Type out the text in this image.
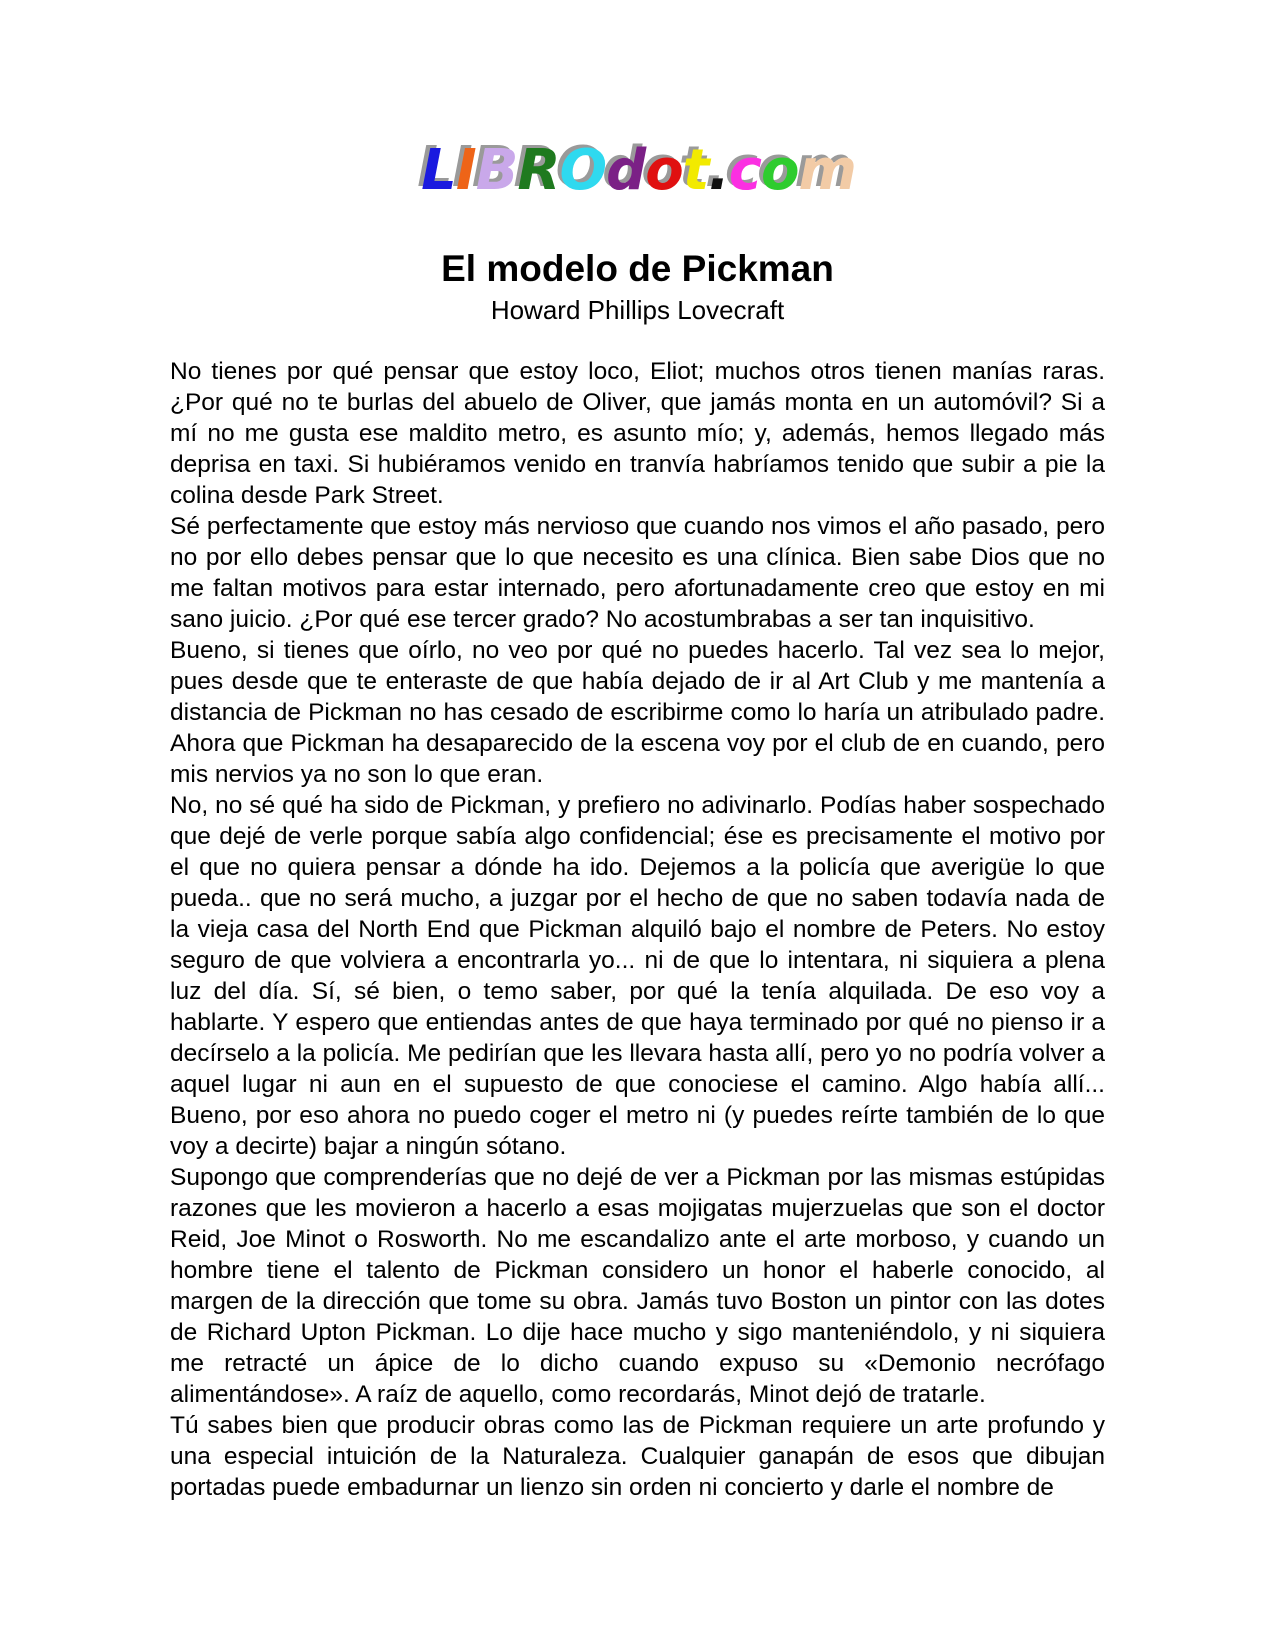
LIBROdot.com
El modelo de Pickman
Howard Phillips Lovecraft

No tienes por qué pensar que estoy loco, Eliot; muchos otros tienen manías raras. ¿Por qué no te burlas del abuelo de Oliver, que jamás monta en un automóvil? Si a mí no me gusta ese maldito metro, es asunto mío; y, además, hemos llegado más deprisa en taxi. Si hubiéramos venido en tranvía habríamos tenido que subir a pie la colina desde Park Street.

Sé perfectamente que estoy más nervioso que cuando nos vimos el año pasado, pero no por ello debes pensar que lo que necesito es una clínica. Bien sabe Dios que no me faltan motivos para estar internado, pero afortunadamente creo que estoy en mi sano juicio. ¿Por qué ese tercer grado? No acostumbrabas a ser tan inquisitivo.

Bueno, si tienes que oírlo, no veo por qué no puedes hacerlo. Tal vez sea lo mejor, pues desde que te enteraste de que había dejado de ir al Art Club y me mantenía a distancia de Pickman no has cesado de escribirme como lo haría un atribulado padre. Ahora que Pickman ha desaparecido de la escena voy por el club de en cuando, pero mis nervios ya no son lo que eran.

No, no sé qué ha sido de Pickman, y prefiero no adivinarlo. Podías haber sospechado que dejé de verle porque sabía algo confidencial; ése es precisamente el motivo por el que no quiera pensar a dónde ha ido. Dejemos a la policía que averigüe lo que pueda.. que no será mucho, a juzgar por el hecho de que no saben todavía nada de la vieja casa del North End que Pickman alquiló bajo el nombre de Peters. No estoy seguro de que volviera a encontrarla yo... ni de que lo intentara, ni siquiera a plena luz del día. Sí, sé bien, o temo saber, por qué la tenía alquilada. De eso voy a hablarte. Y espero que entiendas antes de que haya terminado por qué no pienso ir a decírselo a la policía. Me pedirían que les llevara hasta allí, pero yo no podría volver a aquel lugar ni aun en el supuesto de que conociese el camino. Algo había allí... Bueno, por eso ahora no puedo coger el metro ni (y puedes reírte también de lo que voy a decirte) bajar a ningún sótano.

Supongo que comprenderías que no dejé de ver a Pickman por las mismas estúpidas razones que les movieron a hacerlo a esas mojigatas mujerzuelas que son el doctor Reid, Joe Minot o Rosworth. No me escandalizo ante el arte morboso, y cuando un hombre tiene el talento de Pickman considero un honor el haberle conocido, al margen de la dirección que tome su obra. Jamás tuvo Boston un pintor con las dotes de Richard Upton Pickman. Lo dije hace mucho y sigo manteniéndolo, y ni siquiera me retracté un ápice de lo dicho cuando expuso su «Demonio necrófago alimentándose». A raíz de aquello, como recordarás, Minot dejó de tratarle.

Tú sabes bien que producir obras como las de Pickman requiere un arte profundo y una especial intuición de la Naturaleza. Cualquier ganapán de esos que dibujan portadas puede embadurnar un lienzo sin orden ni concierto y darle el nombre de
